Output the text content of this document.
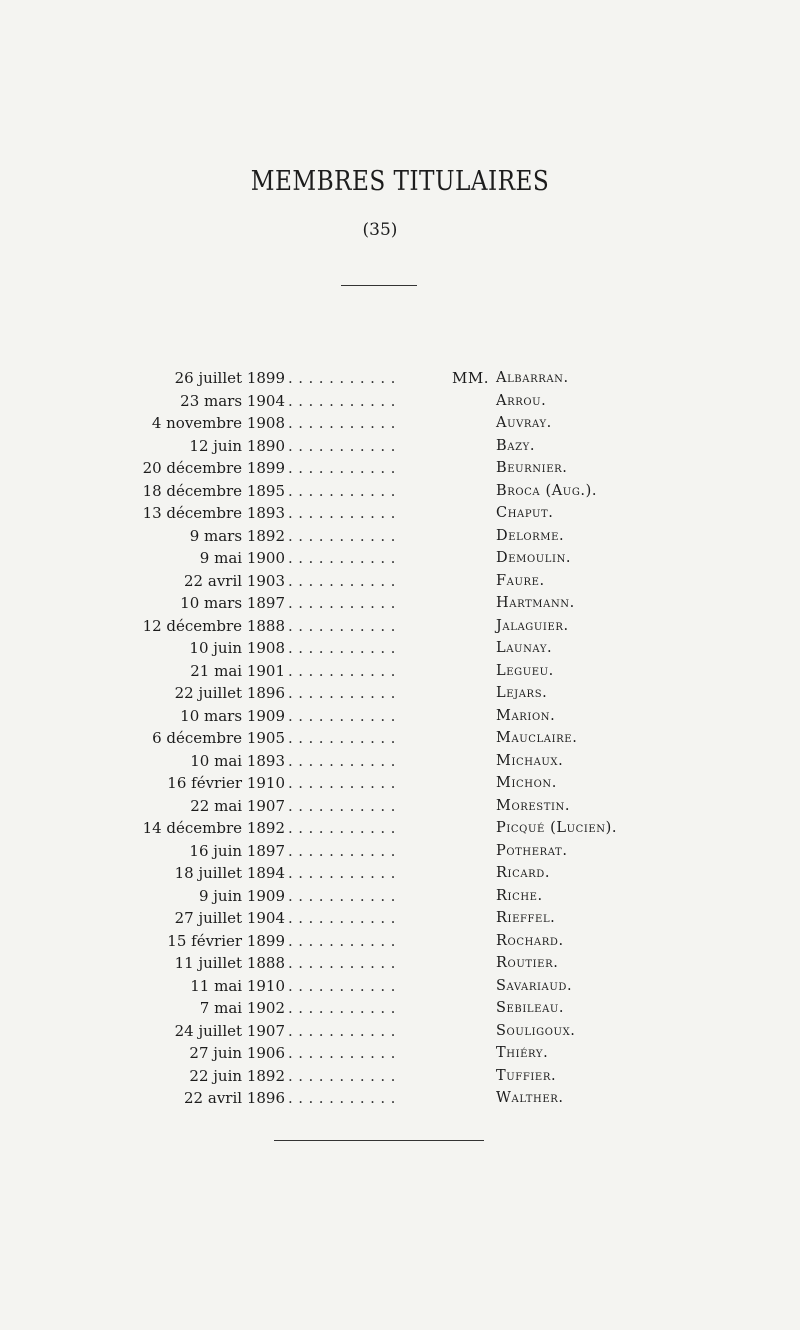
MEMBRES TITULAIRES
(35)
26 juillet 1899 ...........	MM. Albarran.
23 mars 1904 ...........	Arrou.
4 novembre 1908 ...........	Auvray.
12 juin 1890 ...........	Bazy.
20 décembre 1899 ...........	Beurnier.
18 décembre 1895 ...........	Broca (Aug.).
13 décembre 1893 ...........	Chaput.
9 mars 1892 ...........	Delorme.
9 mai 1900 ...........	Demoulin.
22 avril 1903 ...........	Faure.
10 mars 1897 ...........	Hartmann.
12 décembre 1888 ...........	Jalaguier.
10 juin 1908 ...........	Launay.
21 mai 1901 ...........	Legueu.
22 juillet 1896 ...........	Lejars.
10 mars 1909 ...........	Marion.
6 décembre 1905 ...........	Mauclaire.
10 mai 1893 ...........	Michaux.
16 février 1910 ...........	Michon.
22 mai 1907 ...........	Morestin.
14 décembre 1892 ...........	Picqué (Lucien).
16 juin 1897 ...........	Potherat.
18 juillet 1894 ...........	Ricard.
9 juin 1909 ...........	Riche.
27 juillet 1904 ...........	Rieffel.
15 février 1899 ...........	Rochard.
11 juillet 1888 ...........	Routier.
11 mai 1910 ...........	Savariaud.
7 mai 1902 ...........	Sebileau.
24 juillet 1907 ...........	Souligoux.
27 juin 1906 ...........	Thiéry.
22 juin 1892 ...........	Tuffier.
22 avril 1896 ...........	Walther.
